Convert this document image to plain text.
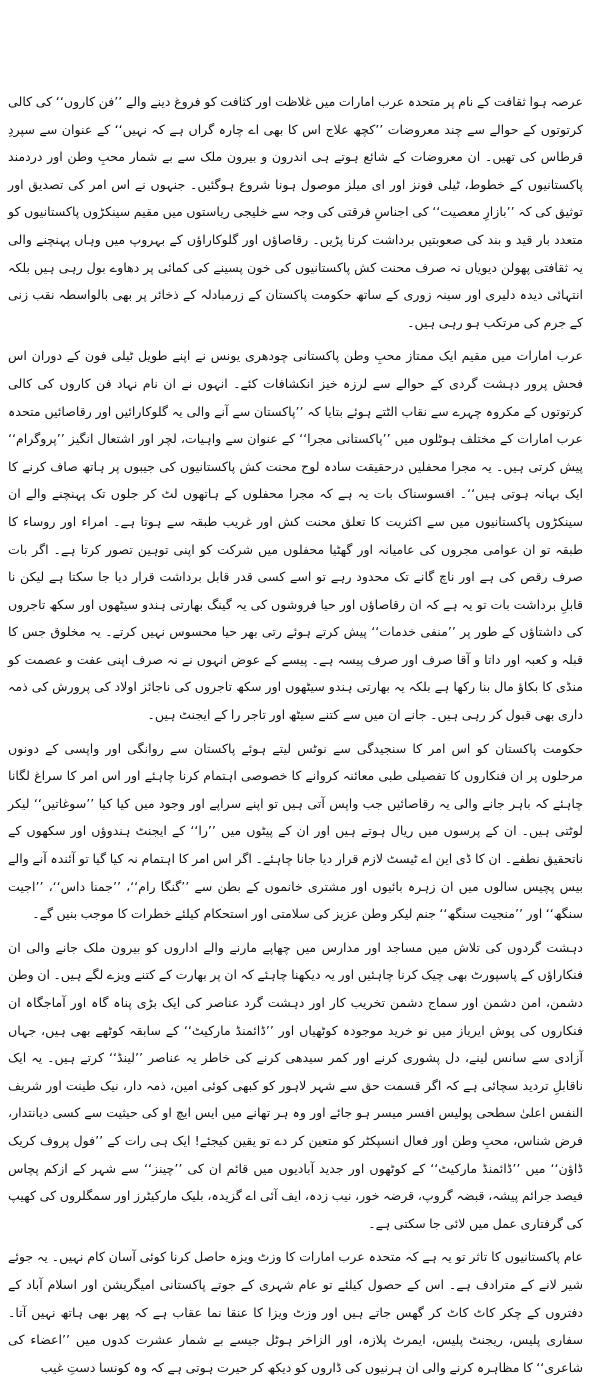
عرصہ ہوا ثقافت کے نام پر متحدہ عرب امارات میں غلاظت اور کثافت کو فروغ دینے والے ’’فن کاروں‘‘ کی کالی کرتوتوں کے حوالے سے چند معروضات ’’کچھ علاج اس کا بھی اے چارہ گراں ہے کہ نہیں‘‘ کے عنوان سے سپردِ قرطاس کی تھیں۔ ان معروضات کے شائع ہوتے ہی اندرون و بیرون ملک سے بے شمار محبِ وطن اور دردمند پاکستانیوں کے خطوط، ٹیلی فونز اور ای میلز موصول ہونا شروع ہوگئیں۔ جنہوں نے اس امر کی تصدیق اور توثیق کی کہ ’’بازارِ معصیت‘‘ کی اجناسِ فرقتی کی وجہ سے خلیجی ریاستوں میں مقیم سینکڑوں پاکستانیوں کو متعدد بار قید و بند کی صعوبتیں برداشت کرنا پڑیں۔ رقاصاؤں اور گلوکاراؤں کے بہروپ میں وہاں پہنچنے والی یہ ثقافتی پھولن دیویاں نہ صرف محنت کش پاکستانیوں کی خون پسینے کی کمائی پر دھاوے بول رہی ہیں بلکہ انتہائی دیدہ دلیری اور سینہ زوری کے ساتھ حکومت پاکستان کے زرمبادلہ کے ذخائر پر بھی بالواسطہ نقب زنی کے جرم کی مرتکب ہو رہی ہیں۔

عرب امارات میں مقیم ایک ممتاز محبِ وطن پاکستانی چودھری یونس نے اپنے طویل ٹیلی فون کے دوران اس فحش پرور دہشت گردی کے حوالے سے لرزہ خیز انکشافات کئے۔ انہوں نے ان نام نہاد فن کاروں کی کالی کرتوتوں کے مکروہ چہرے سے نقاب الٹتے ہوئے بتایا کہ ’’پاکستان سے آنے والی یہ گلوکارائیں اور رقاصائیں متحدہ عرب امارات کے مختلف ہوٹلوں میں ’’پاکستانی مجرا‘‘ کے عنوان سے واہیات، لچر اور اشتعال انگیز ’’پروگرام‘‘ پیش کرتی ہیں۔ یہ مجرا محفلیں درحقیقت سادہ لوح محنت کش پاکستانیوں کی جیبوں پر ہاتھ صاف کرنے کا ایک بہانہ ہوتی ہیں‘‘۔ افسوسناک بات یہ ہے کہ مجرا محفلوں کے ہاتھوں لٹ کر جلوں تک پہنچنے والے ان سینکڑوں پاکستانیوں میں سے اکثریت کا تعلق محنت کش اور غریب طبقہ سے ہوتا ہے۔ امراء اور روساء کا طبقہ تو ان عوامی مجروں کی عامیانہ اور گھٹیا محفلوں میں شرکت کو اپنی توہین تصور کرتا ہے۔ اگر بات صرف رقص کی ہے اور ناچ گانے تک محدود رہے تو اسے کسی قدر قابل برداشت قرار دیا جا سکتا ہے لیکن نا قابلِ برداشت بات تو یہ ہے کہ ان رقاصاؤں اور حیا فروشوں کی یہ گینگ بھارتی ہندو سیٹھوں اور سکھ تاجروں کی داشتاؤں کے طور پر ’’منفی خدمات‘‘ پیش کرتے ہوئے رتی بھر حیا محسوس نہیں کرتے۔ یہ مخلوق جس کا قبلہ و کعبہ اور داتا و آقا صرف اور صرف پیسہ ہے۔ پیسے کے عوض انہوں نے نہ صرف اپنی عفت و عصمت کو منڈی کا بکاؤ مال بنا رکھا ہے بلکہ یہ بھارتی ہندو سیٹھوں اور سکھ تاجروں کی ناجائز اولاد کی پرورش کی ذمہ داری بھی قبول کر رہی ہیں۔ جانے ان میں سے کتنے سیٹھ اور تاجر را کے ایجنٹ ہیں۔

حکومت پاکستان کو اس امر کا سنجیدگی سے نوٹس لیتے ہوئے پاکستان سے روانگی اور واپسی کے دونوں مرحلوں پر ان فنکاروں کا تفصیلی طبی معائنہ کروانے کا خصوصی اہتمام کرنا چاہئے اور اس امر کا سراغ لگانا چاہئے کہ باہر جانے والی یہ رقاصائیں جب واپس آتی ہیں تو اپنے سراپے اور وجود میں کیا کیا ’’سوغاتیں‘‘ لیکر لوٹتی ہیں۔ ان کے پرسوں میں ریال ہوتے ہیں اور ان کے پیٹوں میں ’’را‘‘ کے ایجنٹ ہندوؤں اور سکھوں کے ناتحقیق نطفے۔ ان کا ڈی این اے ٹیسٹ لازم قرار دیا جانا چاہئے۔ اگر اس امر کا اہتمام نہ کیا گیا تو آئندہ آنے والے بیس پچیس سالوں میں ان زہرہ بائیوں اور مشتری خانموں کے بطن سے ’’گنگا رام‘‘، ’’جمنا داس‘‘، ’’اجیت سنگھ‘‘ اور ’’منجیت سنگھ‘‘ جنم لیکر وطن عزیز کی سلامتی اور استحکام کیلئے خطرات کا موجب بنیں گے۔

دہشت گردوں کی تلاش میں مساجد اور مدارس میں چھاپے مارنے والے اداروں کو بیرون ملک جانے والی ان فنکاراؤں کے پاسپورٹ بھی چیک کرنا چاہئیں اور یہ دیکھنا چاہئے کہ ان پر بھارت کے کتنے ویزے لگے ہیں۔ ان وطن دشمن، امن دشمن اور سماج دشمن تخریب کار اور دہشت گرد عناصر کی ایک بڑی پناہ گاہ اور آماجگاہ ان فنکاروں کی پوش ایریاز میں نو خرید موجودہ کوٹھیاں اور ’’ڈائمنڈ مارکیٹ‘‘ کے سابقہ کوٹھے بھی ہیں، جہاں آزادی سے سانس لینے، دل پشوری کرنے اور کمر سیدھی کرنے کی خاطر یہ عناصر ’’لینڈ‘‘ کرتے ہیں۔ یہ ایک ناقابلِ تردید سچائی ہے کہ اگر قسمت حق سے شہر لاہور کو کبھی کوئی امین، ذمہ دار، نیک طینت اور شریف النفس اعلیٰ سطحی پولیس افسر میسر ہو جائے اور وہ ہر تھانے میں ایس ایچ او کی حیثیت سے کسی دیانتدار، فرض شناس، محبِ وطن اور فعال انسپکٹر کو متعین کر دے تو یقین کیجئے! ایک ہی رات کے ’’فول پروف کریک ڈاؤن‘‘ میں ’’ڈائمنڈ مارکیٹ‘‘ کے کوٹھوں اور جدید آبادیوں میں قائم ان کی ’’چینز‘‘ سے شہر کے ازکم پچاس فیصد جرائم پیشہ، قبضہ گروپ، قرضہ خور، نیب زدہ، ایف آئی اے گزیدہ، بلیک مارکیٹرز اور سمگلروں کی کھیپ کی گرفتاری عمل میں لائی جا سکتی ہے۔

عام پاکستانیوں کا تاثر تو یہ ہے کہ متحدہ عرب امارات کا وزٹ ویزہ حاصل کرنا کوئی آسان کام نہیں۔ یہ جوئے شیر لانے کے مترادف ہے۔ اس کے حصول کیلئے تو عام شہری کے جوتے پاکستانی امیگریشن اور اسلام آباد کے دفتروں کے چکر کاٹ کاٹ کر گھس جاتے ہیں اور وزٹ ویزا کا عنقا نما عقاب ہے کہ پھر بھی ہاتھ نہیں آتا۔ سفاری پلیس، ریجنٹ پلیس، ایمرٹ پلازہ، اور الزاخر ہوٹل جیسے بے شمار عشرت کدوں میں ’’اعضاء کی شاعری‘‘ کا مظاہرہ کرنے والی ان ہرنیوں کی ڈاروں کو دیکھ کر حیرت ہوتی ہے کہ وہ کونسا دستِ غیب
